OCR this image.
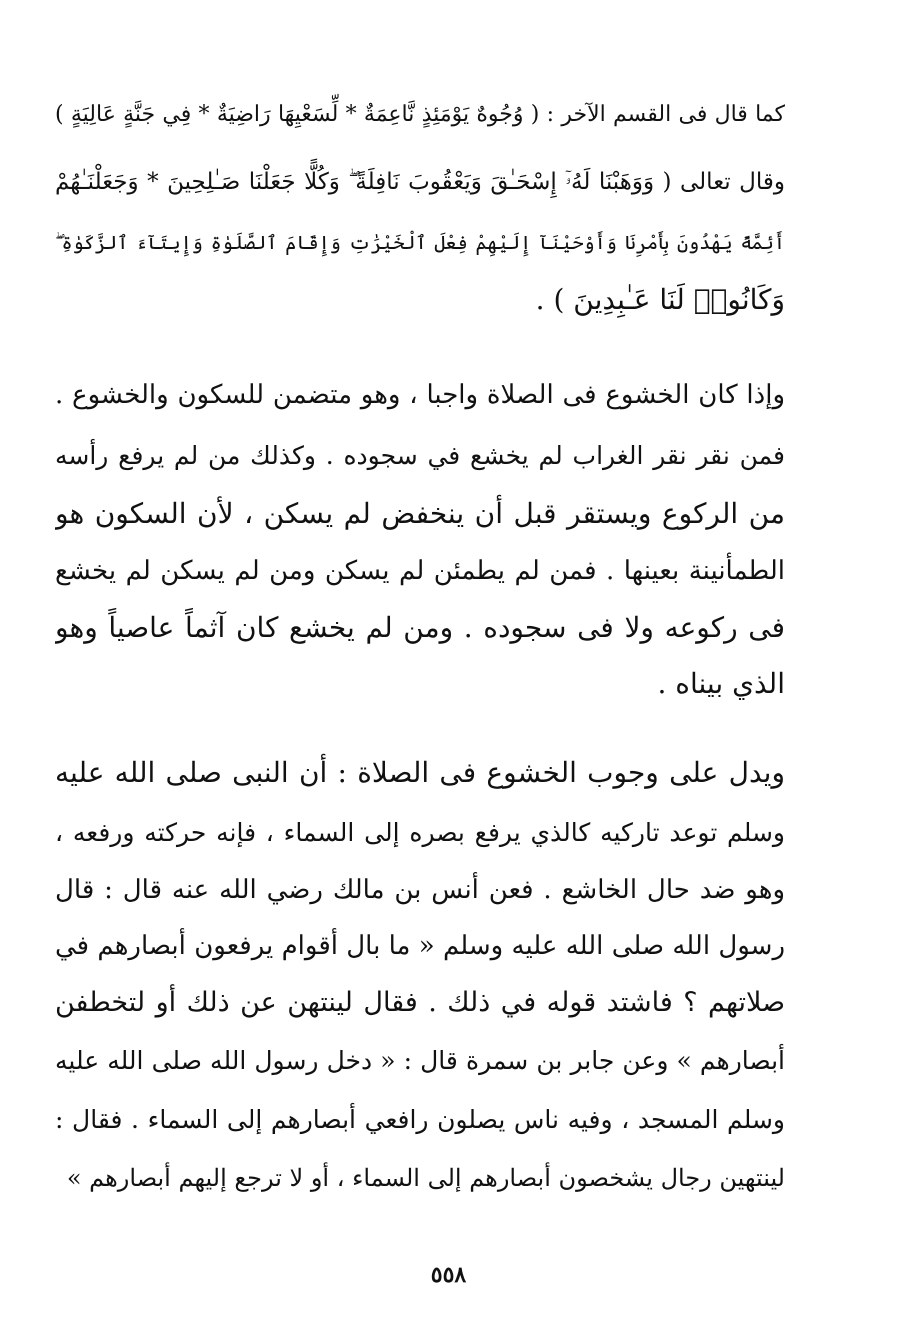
كما قال فى القسم الآخر : ( وُجُوهٌ يَوْمَئِذٍ نَّاعِمَةٌ * لِّسَعْيِهَا رَاضِيَةٌ * فِي جَنَّةٍ عَالِيَةٍ )
وقال تعالى ( وَوَهَبْنَا لَهُۥٓ إِسْحَـٰقَ وَيَعْقُوبَ نَافِلَةً ۖ وَكُلًّا جَعَلْنَا صَـٰلِحِينَ * وَجَعَلْنَـٰهُمْ
أَئِمَّةً يَهْدُونَ بِأَمْرِنَا وَأَوْحَيْنَآ إِلَيْهِمْ فِعْلَ ٱلْخَيْرَٰتِ وَإِقَامَ ٱلصَّلَوٰةِ وَإِيتَآءَ ٱلزَّكَوٰةِ ۖ
وَكَانُوا۟ لَنَا عَـٰبِدِينَ ) .
وإذا كان الخشوع فى الصلاة واجبا ، وهو متضمن للسكون والخشوع .
فمن نقر نقر الغراب لم يخشع في سجوده . وكذلك من لم يرفع رأسه
من الركوع ويستقر قبل أن ينخفض لم يسكن ، لأن السكون هو
الطمأنينة بعينها . فمن لم يطمئن لم يسكن ومن لم يسكن لم يخشع
فى ركوعه ولا فى سجوده . ومن لم يخشع كان آثماً عاصياً وهو
الذي بيناه .
ويدل على وجوب الخشوع فى الصلاة : أن النبى صلى الله عليه
وسلم توعد تاركيه كالذي يرفع بصره إلى السماء ، فإنه حركته ورفعه ،
وهو ضد حال الخاشع . فعن أنس بن مالك رضي الله عنه قال : قال
رسول الله صلى الله عليه وسلم « ما بال أقوام يرفعون أبصارهم في
صلاتهم ؟ فاشتد قوله في ذلك . فقال لينتهن عن ذلك أو لتخطفن
أبصارهم » وعن جابر بن سمرة قال : « دخل رسول الله صلى الله عليه
وسلم المسجد ، وفيه ناس يصلون رافعي أبصارهم إلى السماء . فقال :
لينتهين رجال يشخصون أبصارهم إلى السماء ، أو لا ترجع إليهم أبصارهم »
٥٥٨
